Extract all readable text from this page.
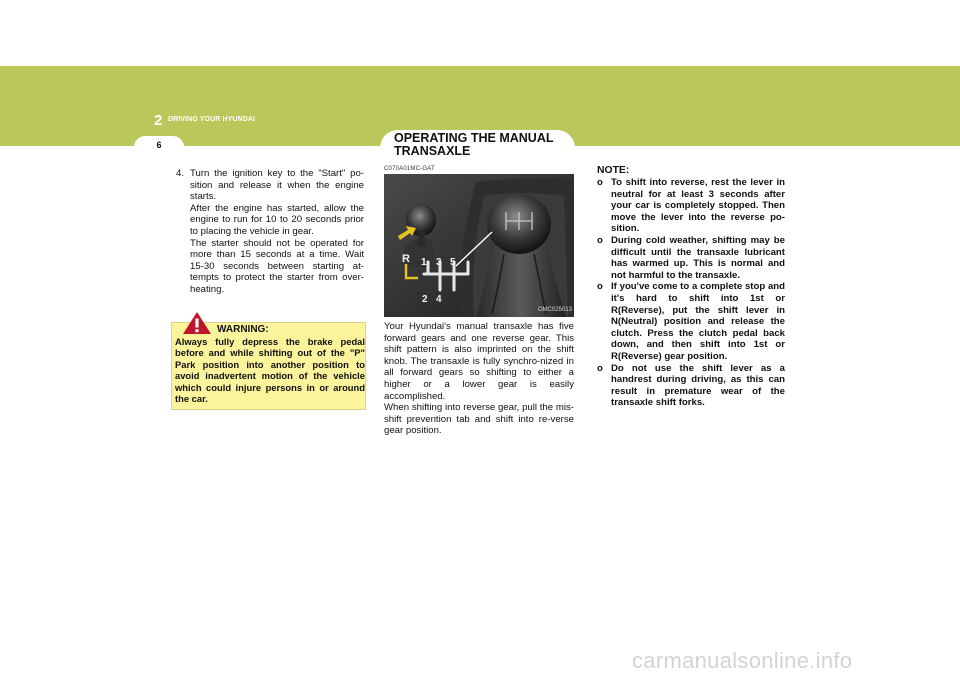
2 DRIVING YOUR HYUNDAI
6	OPERATING THE MANUAL TRANSAXLE
4. Turn the ignition key to the "Start" po-sition and release it when the engine starts.
After the engine has started, allow the engine to run for 10 to 20 seconds prior to placing the vehicle in gear.
The starter should not be operated for more than 15 seconds at a time. Wait 15-30 seconds between starting at-tempts to protect the starter from over-heating.
WARNING:
Always fully depress the brake pedal before and while shifting out of the "P" Park position into another position to avoid inadvertent motion of the vehicle which could injure persons in or around the car.
C070A01MC-GAT
R 1 3 5
2 4
OMC025013
Your Hyundai's manual transaxle has five forward gears and one reverse gear. This shift pattern is also imprinted on the shift knob. The transaxle is fully synchro-nized in all forward gears so shifting to either a higher or a lower gear is easily accomplished.
When shifting into reverse gear, pull the mis-shift prevention tab and shift into re-verse gear position.
NOTE:
o To shift into reverse, rest the lever in neutral for at least 3 seconds after your car is completely stopped. Then move the lever into the reverse po-sition.
o During cold weather, shifting may be difficult until the transaxle lubricant has warmed up. This is normal and not harmful to the transaxle.
o If you've come to a complete stop and it's hard to shift into 1st or R(Reverse), put the shift lever in N(Neutral) position and release the clutch. Press the clutch pedal back down, and then shift into 1st or R(Reverse) gear position.
o Do not use the shift lever as a handrest during driving, as this can result in premature wear of the transaxle shift forks.
carmanualsonline.info
